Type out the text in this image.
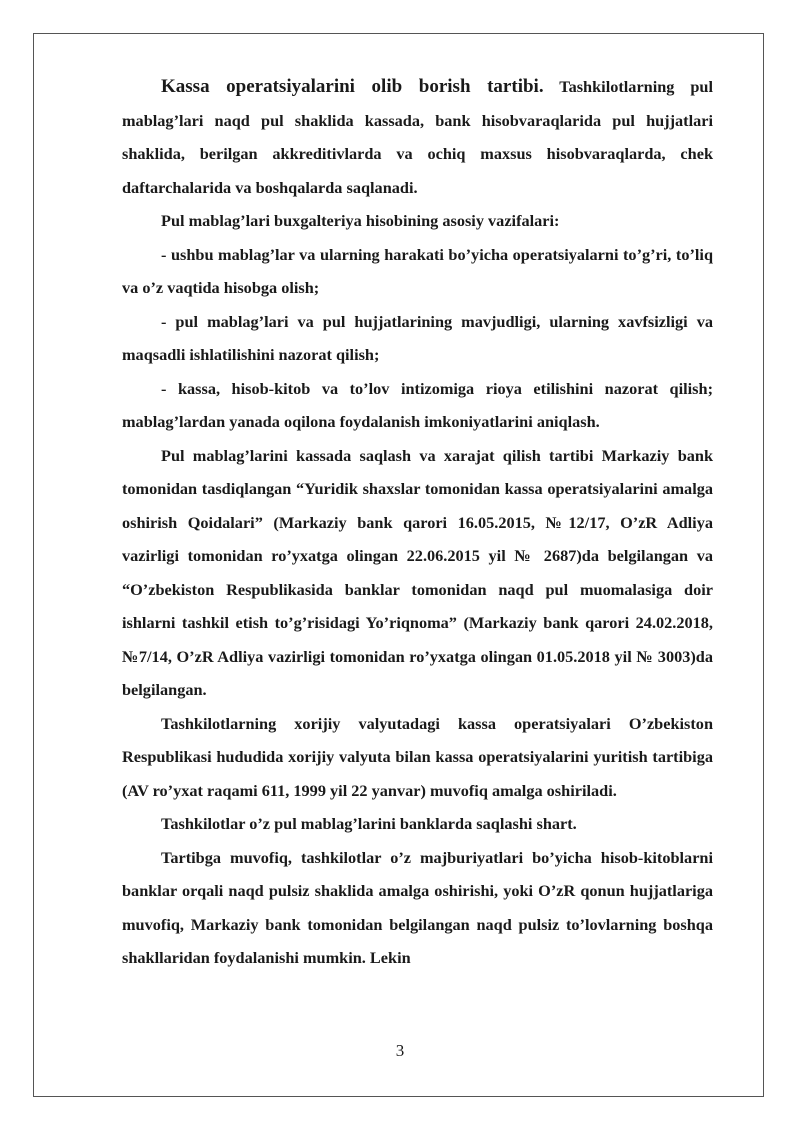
Kassa operatsiyalarini olib borish tartibi. Tashkilotlarning pul mablag’lari naqd pul shaklida kassada, bank hisobvaraqlarida pul hujjatlari shaklida, berilgan akkreditivlarda va ochiq maxsus hisobvaraqlarda, chek daftarchalarida va boshqalarda saqlanadi.

Pul mablag’lari buxgalteriya hisobining asosiy vazifalari:

- ushbu mablag’lar va ularning harakati bo’yicha operatsiyalarni to’g’ri, to’liq va o’z vaqtida hisobga olish;

- pul mablag’lari va pul hujjatlarining mavjudligi, ularning xavfsizligi va maqsadli ishlatilishini nazorat qilish;

- kassa, hisob-kitob va to’lov intizomiga rioya etilishini nazorat qilish; mablag’lardan yanada oqilona foydalanish imkoniyatlarini aniqlash.

Pul mablag’larini kassada saqlash va xarajat qilish tartibi Markaziy bank tomonidan tasdiqlangan “Yuridik shaxslar tomonidan kassa operatsiyalarini amalga oshirish Qoidalari” (Markaziy bank qarori 16.05.2015, №12/17, O’zR Adliya vazirligi tomonidan ro’yxatga olingan 22.06.2015 yil № 2687)da belgilangan va “O’zbekiston Respublikasida banklar tomonidan naqd pul muomalasiga doir ishlarni tashkil etish to’g’risidagi Yo’riqnoma” (Markaziy bank qarori 24.02.2018, №7/14, O’zR Adliya vazirligi tomonidan ro’yxatga olingan 01.05.2018 yil № 3003)da belgilangan.

Tashkilotlarning xorijiy valyutadagi kassa operatsiyalari O’zbekiston Respublikasi hududida xorijiy valyuta bilan kassa operatsiyalarini yuritish tartibiga (AV ro’yxat raqami 611, 1999 yil 22 yanvar) muvofiq amalga oshiriladi.

Tashkilotlar o’z pul mablag’larini banklarda saqlashi shart.

Tartibga muvofiq, tashkilotlar o’z majburiyatlari bo’yicha hisob-kitoblarni banklar orqali naqd pulsiz shaklida amalga oshirishi, yoki O’zR qonun hujjatlariga muvofiq, Markaziy bank tomonidan belgilangan naqd pulsiz to’lovlarning boshqa shakllaridan foydalanishi mumkin. Lekin

3
